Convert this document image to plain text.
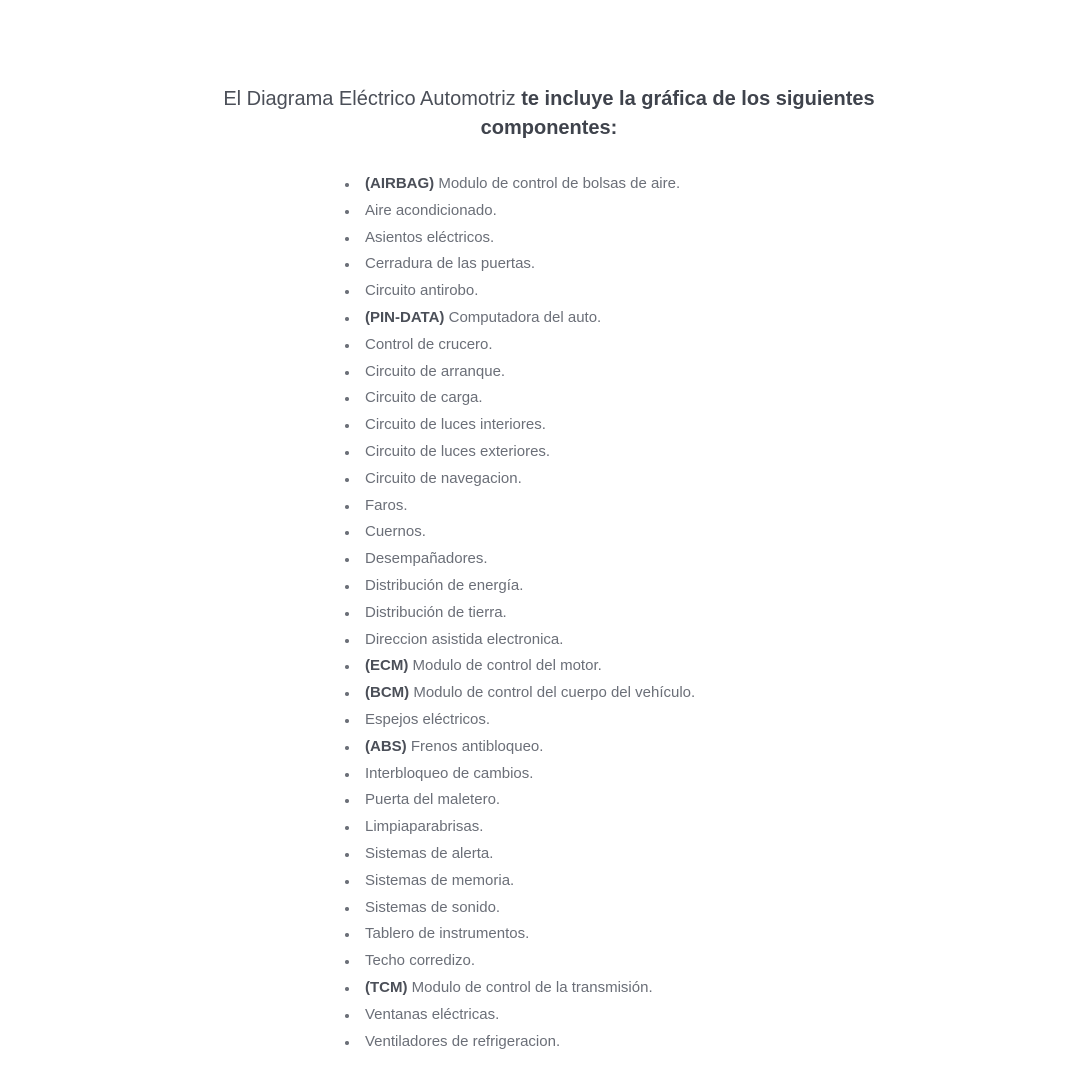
El Diagrama Eléctrico Automotriz te incluye la gráfica de los siguientes componentes:
(AIRBAG) Modulo de control de bolsas de aire.
Aire acondicionado.
Asientos eléctricos.
Cerradura de las puertas.
Circuito antirobo.
(PIN-DATA) Computadora del auto.
Control de crucero.
Circuito de arranque.
Circuito de carga.
Circuito de luces interiores.
Circuito de luces exteriores.
Circuito de navegacion.
Faros.
Cuernos.
Desempañadores.
Distribución de energía.
Distribución de tierra.
Direccion asistida electronica.
(ECM) Modulo de control del motor.
(BCM) Modulo de control del cuerpo del vehículo.
Espejos eléctricos.
(ABS) Frenos antibloqueo.
Interbloqueo de cambios.
Puerta del maletero.
Limpiaparabrisas.
Sistemas de alerta.
Sistemas de memoria.
Sistemas de sonido.
Tablero de instrumentos.
Techo corredizo.
(TCM) Modulo de control de la transmisión.
Ventanas eléctricas.
Ventiladores de refrigeracion.
